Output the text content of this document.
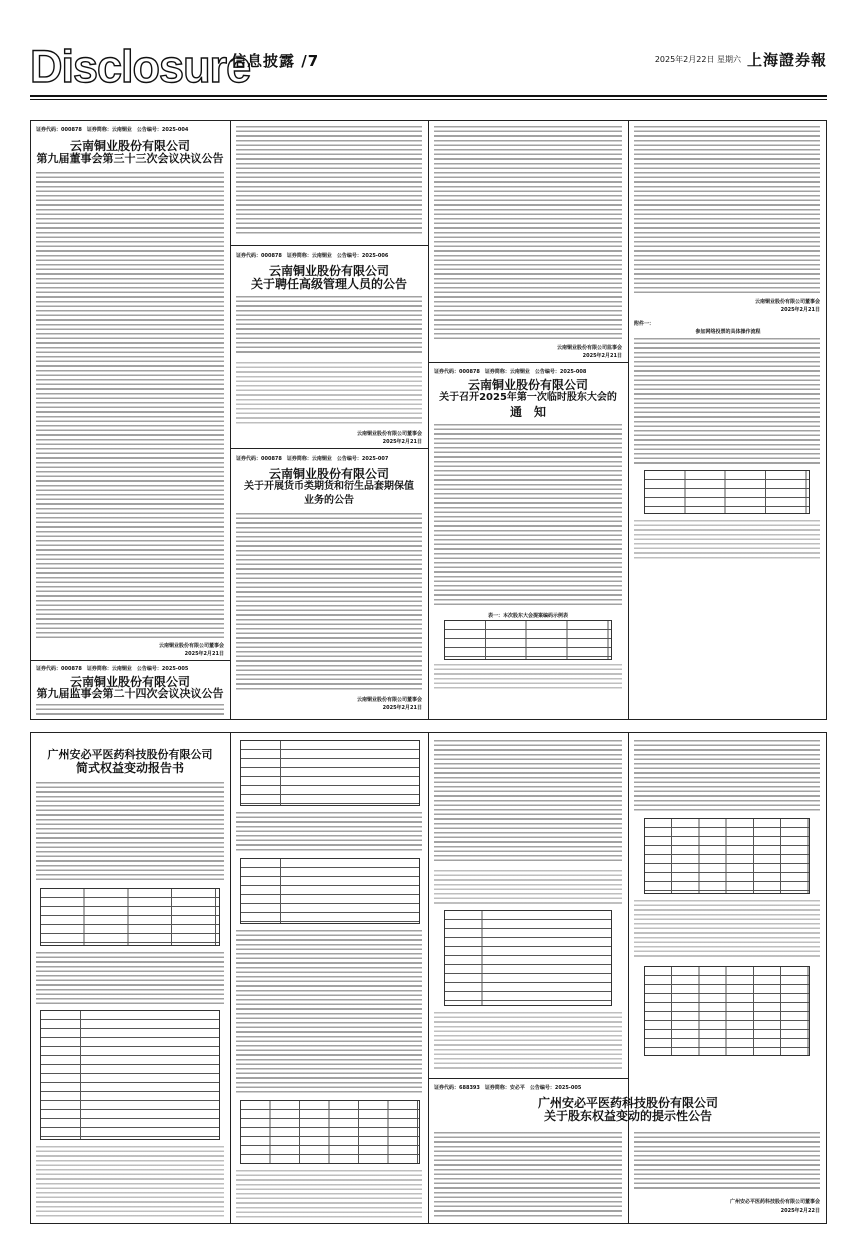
Disclosure
信息披露 /7	2025年2月22日 星期六 上海證券報
证券代码：000878　证券简称：云南铜业　公告编号：2025-004
云南铜业股份有限公司
第九届董事会第三十三次会议决议公告
云南铜业股份有限公司董事会
2025年2月21日
证券代码：000878　证券简称：云南铜业　公告编号：2025-006
云南铜业股份有限公司
关于聘任高级管理人员的公告
云南铜业股份有限公司董事会
2025年2月21日
证券代码：000878　证券简称：云南铜业　公告编号：2025-007
云南铜业股份有限公司
关于开展货币类期货和衍生品套期保值
业务的公告
云南铜业股份有限公司董事会
2025年2月21日
证券代码：000878　证券简称：云南铜业　公告编号：2025-005
云南铜业股份有限公司
第九届监事会第二十四次会议决议公告
云南铜业股份有限公司监事会
2025年2月21日
证券代码：000878　证券简称：云南铜业　公告编号：2025-008
云南铜业股份有限公司
关于召开2025年第一次临时股东大会的
通　知
表一：本次股东大会提案编码示例表
云南铜业股份有限公司董事会
2025年2月21日
附件一：
参加网络投票的具体操作流程
广州安必平医药科技股份有限公司
简式权益变动报告书
证券代码：688393　证券简称：安必平　公告编号：2025-005
广州安必平医药科技股份有限公司
关于股东权益变动的提示性公告
广州安必平医药科技股份有限公司董事会
2025年2月22日
